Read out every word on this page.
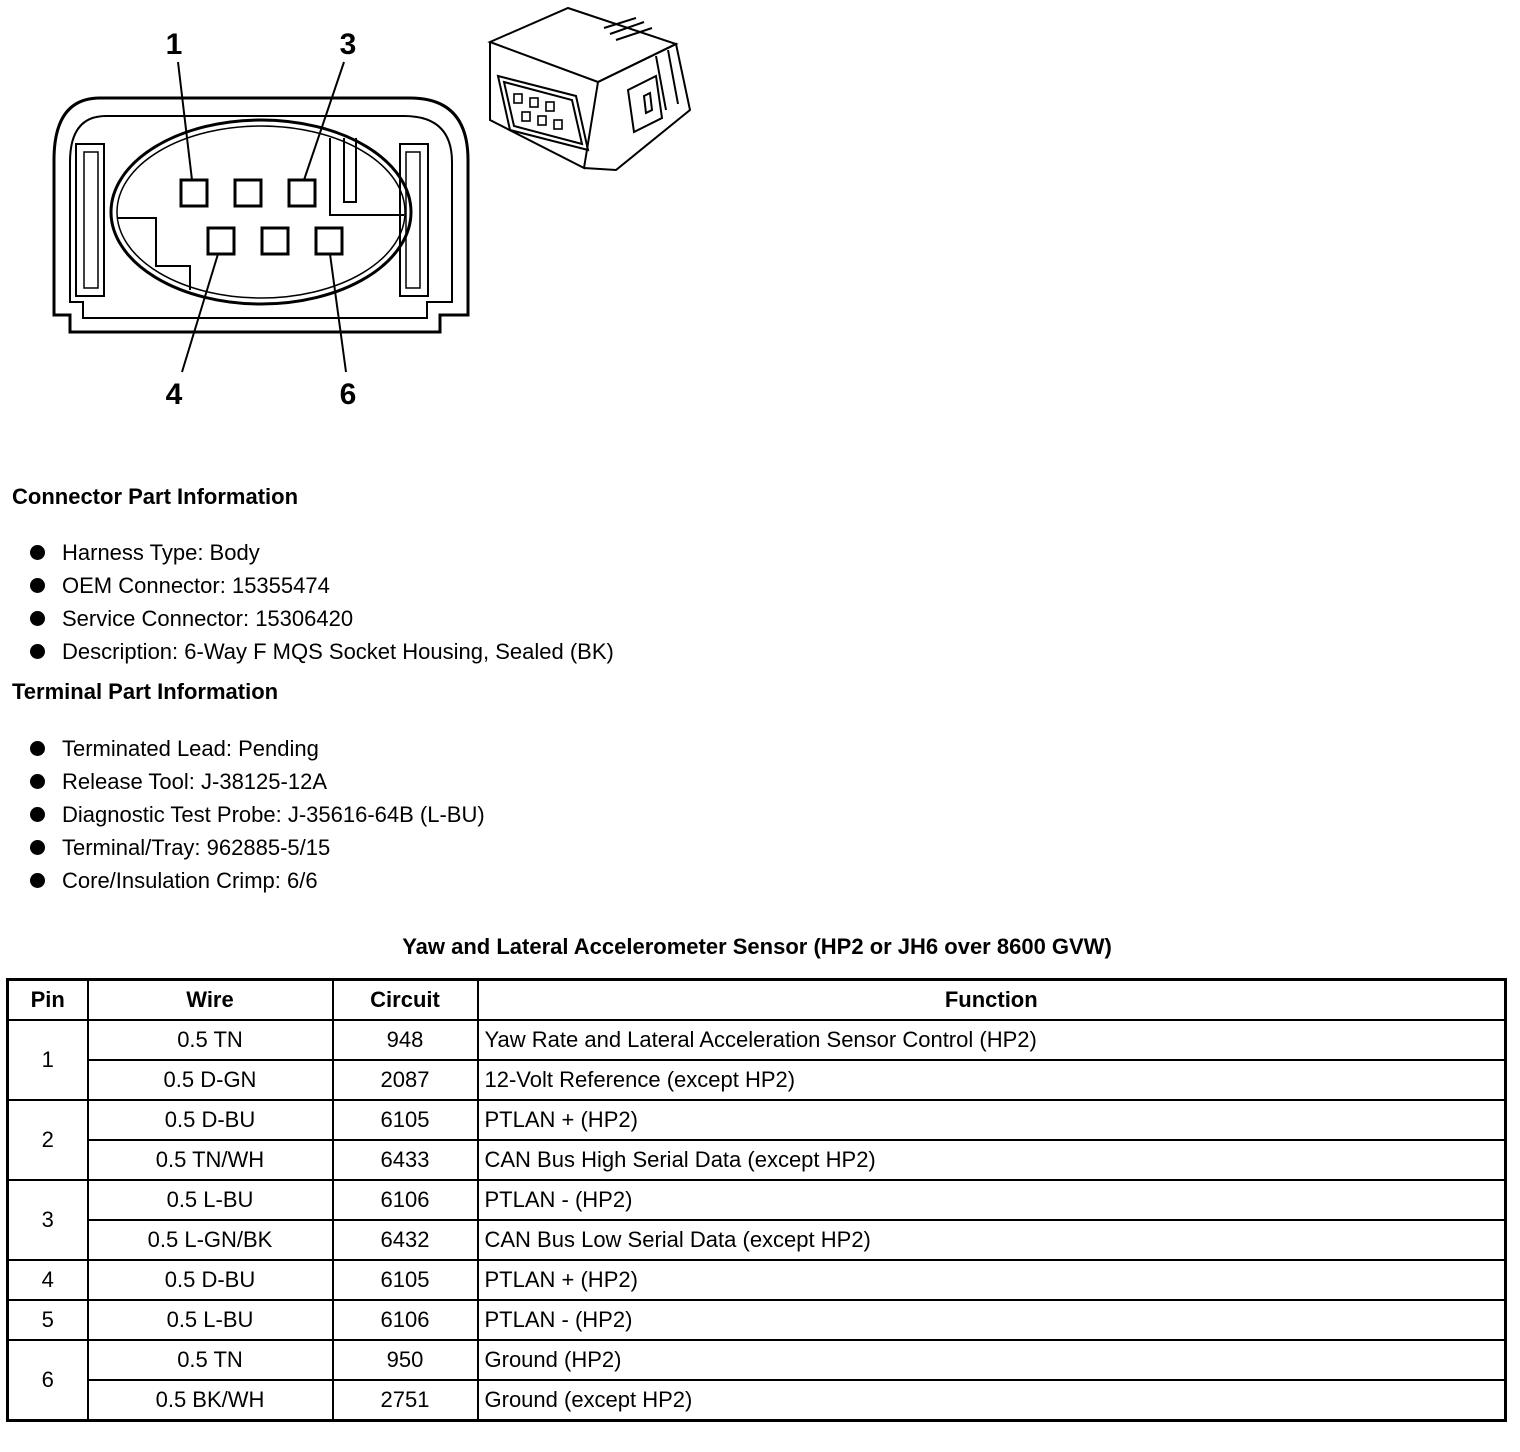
1	3
4	6
Connector Part Information
Harness Type: Body
OEM Connector: 15355474
Service Connector: 15306420
Description: 6-Way F MQS Socket Housing, Sealed (BK)
Terminal Part Information
Terminated Lead: Pending
Release Tool: J-38125-12A
Diagnostic Test Probe: J-35616-64B (L-BU)
Terminal/Tray: 962885-5/15
Core/Insulation Crimp: 6/6
Yaw and Lateral Accelerometer Sensor (HP2 or JH6 over 8600 GVW)
Pin	Wire	Circuit	Function
1	0.5 TN	948	Yaw Rate and Lateral Acceleration Sensor Control (HP2)
	0.5 D-GN	2087	12-Volt Reference (except HP2)
2	0.5 D-BU	6105	PTLAN + (HP2)
	0.5 TN/WH	6433	CAN Bus High Serial Data (except HP2)
3	0.5 L-BU	6106	PTLAN - (HP2)
	0.5 L-GN/BK	6432	CAN Bus Low Serial Data (except HP2)
4	0.5 D-BU	6105	PTLAN + (HP2)
5	0.5 L-BU	6106	PTLAN - (HP2)
6	0.5 TN	950	Ground (HP2)
	0.5 BK/WH	2751	Ground (except HP2)
